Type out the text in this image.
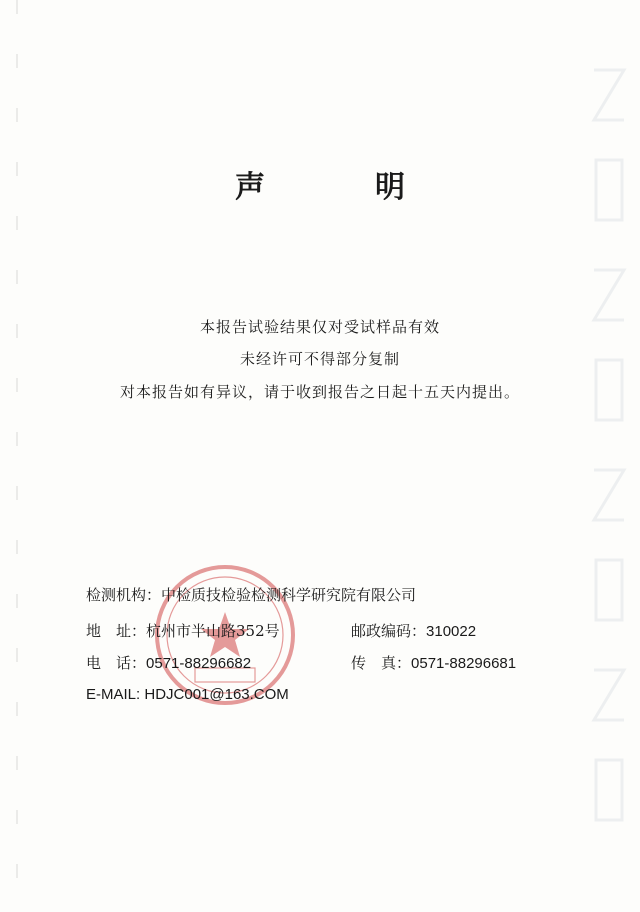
声　明
本报告试验结果仅对受试样品有效
未经许可不得部分复制
对本报告如有异议，请于收到报告之日起十五天内提出。
检测机构：中检质技检验检测科学研究院有限公司
地　址：杭州市半山路352号	邮政编码：310022
电　话：0571-88296682	传　真：0571-88296681
E-MAIL: HDJC001@163.COM
